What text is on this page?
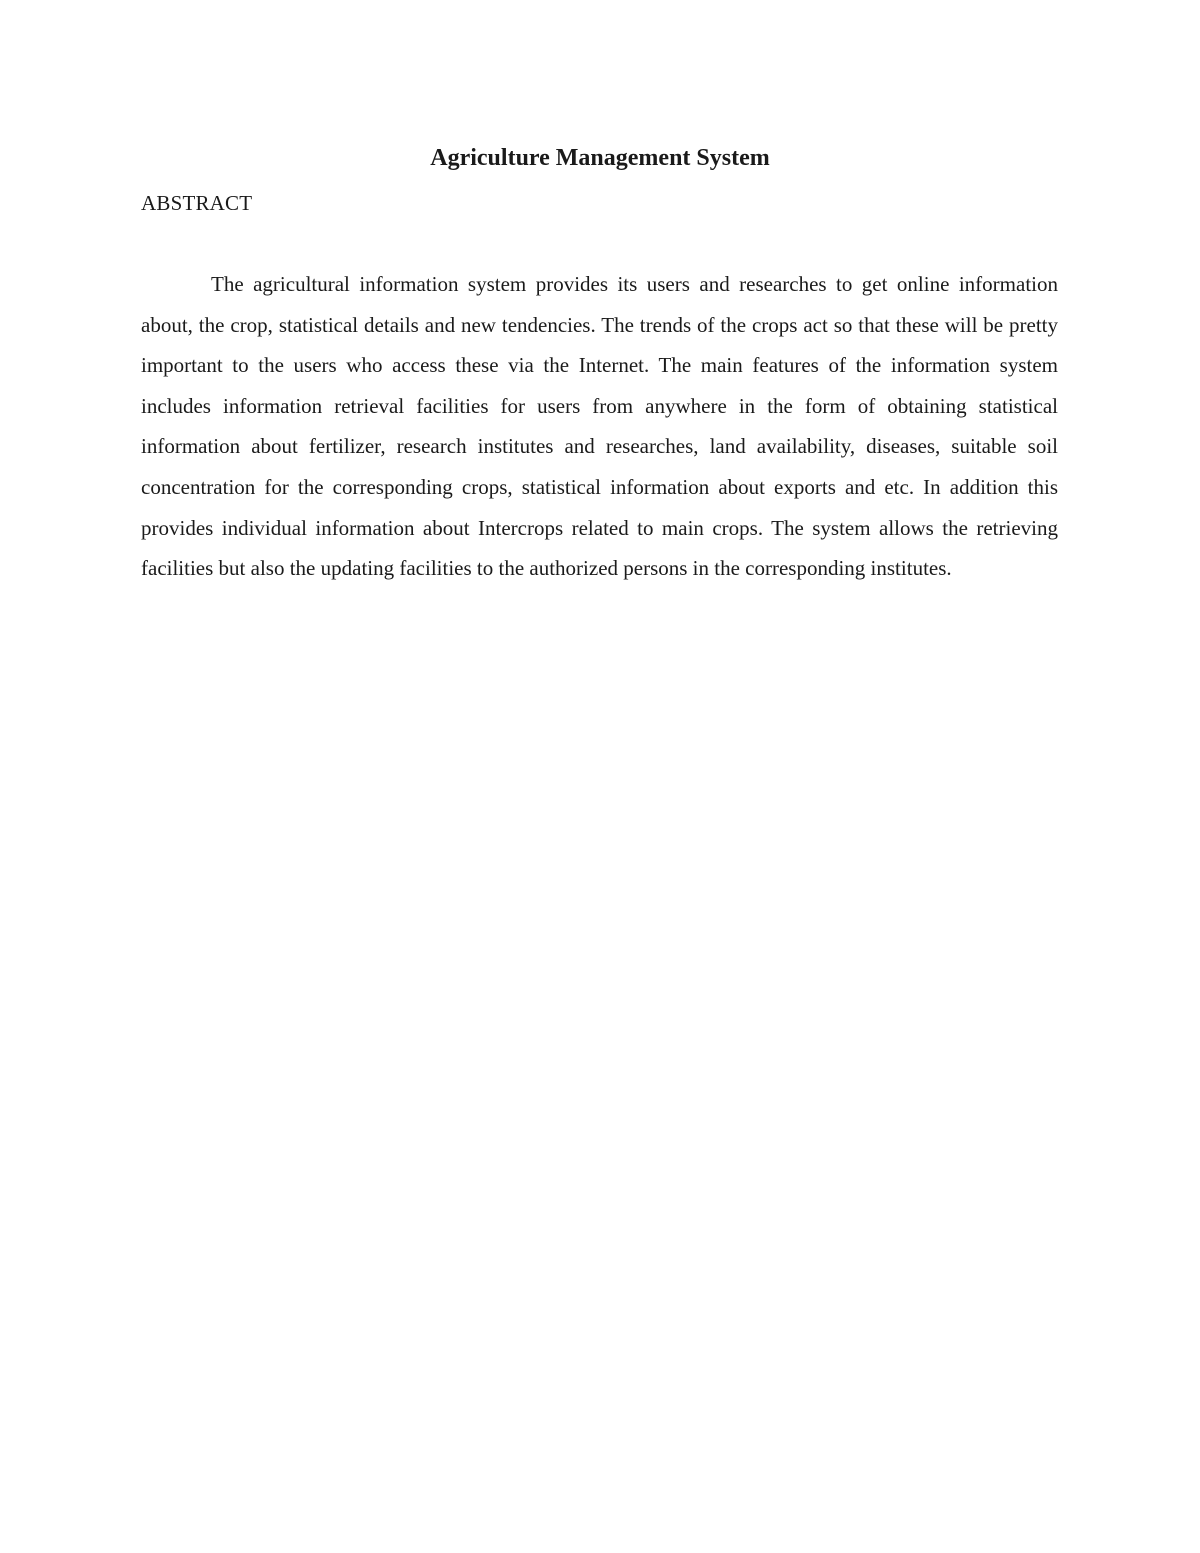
Agriculture Management System
ABSTRACT

The agricultural information system provides its users and researches to get online information about, the crop, statistical details and new tendencies. The trends of the crops act so that these will be pretty important to the users who access these via the Internet. The main features of the information system includes information retrieval facilities for users from anywhere in the form of obtaining statistical information about fertilizer, research institutes and researches, land availability, diseases, suitable soil concentration for the corresponding crops, statistical information about exports and etc. In addition this provides individual information about Intercrops related to main crops. The system allows the retrieving facilities but also the updating facilities to the authorized persons in the corresponding institutes.
